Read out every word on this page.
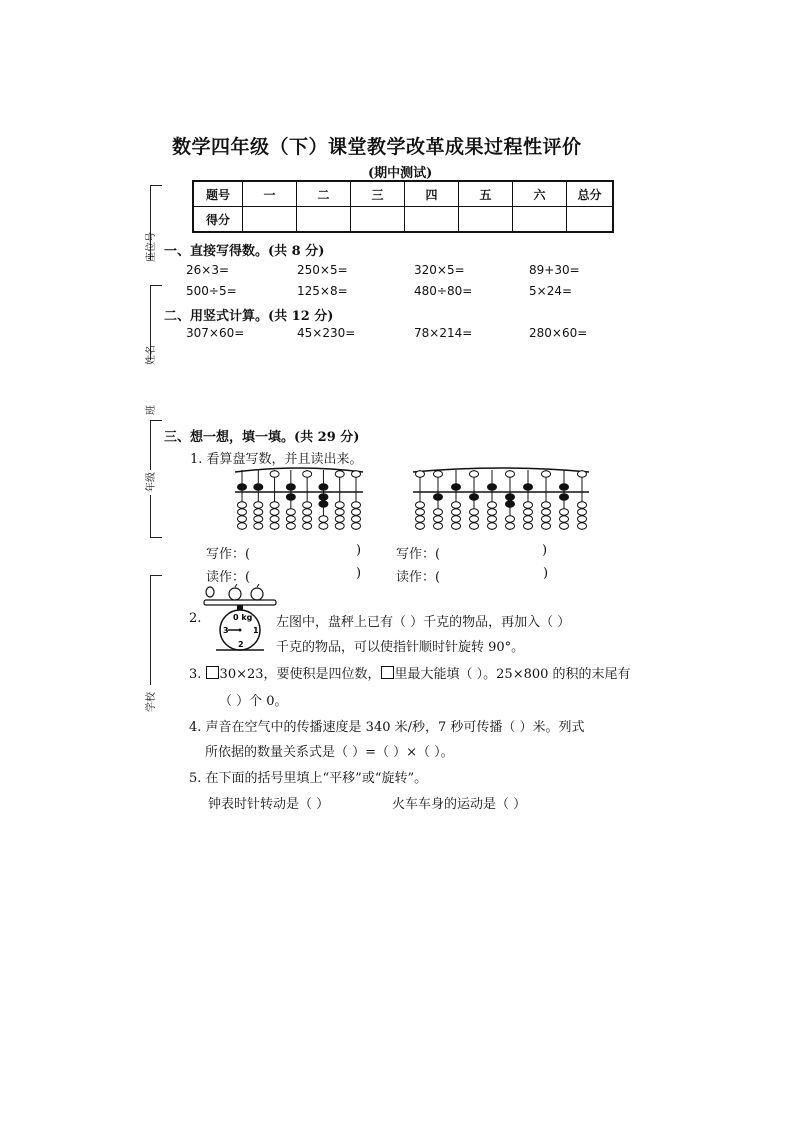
数学四年级（下）课堂教学改革成果过程性评价
(期中测试)
题号	一	二	三	四	五	六	总分
得分							
座位号
姓名
班
年级
学校
一、直接写得数。(共 8 分)
26×3=	250×5=	320×5=	89+30=
500÷5=	125×8=	480÷80=	5×24=
二、用竖式计算。(共 12 分)
307×60=	45×230=	78×214=	280×60=
三、想一想，填一填。(共 29 分)
1. 看算盘写数，并且读出来。
写作：(	)
读作：(	)
写作：(	)
读作：(	)
2.	0 kg
3	1
2
左图中，盘秤上已有（ ）千克的物品，再加入（ ）
千克的物品，可以使指针顺时针旋转 90°。
3. 30×23，要使积是四位数， 里最大能填（ ）。25×800 的积的末尾有
（ ）个 0。
4. 声音在空气中的传播速度是 340 米/秒，7 秒可传播（ ）米。列式
所依据的数量关系式是（ ）=（ ）×（ ）。
5. 在下面的括号里填上“平移”或“旋转”。
钟表时针转动是（ ）	火车车身的运动是（ ）
